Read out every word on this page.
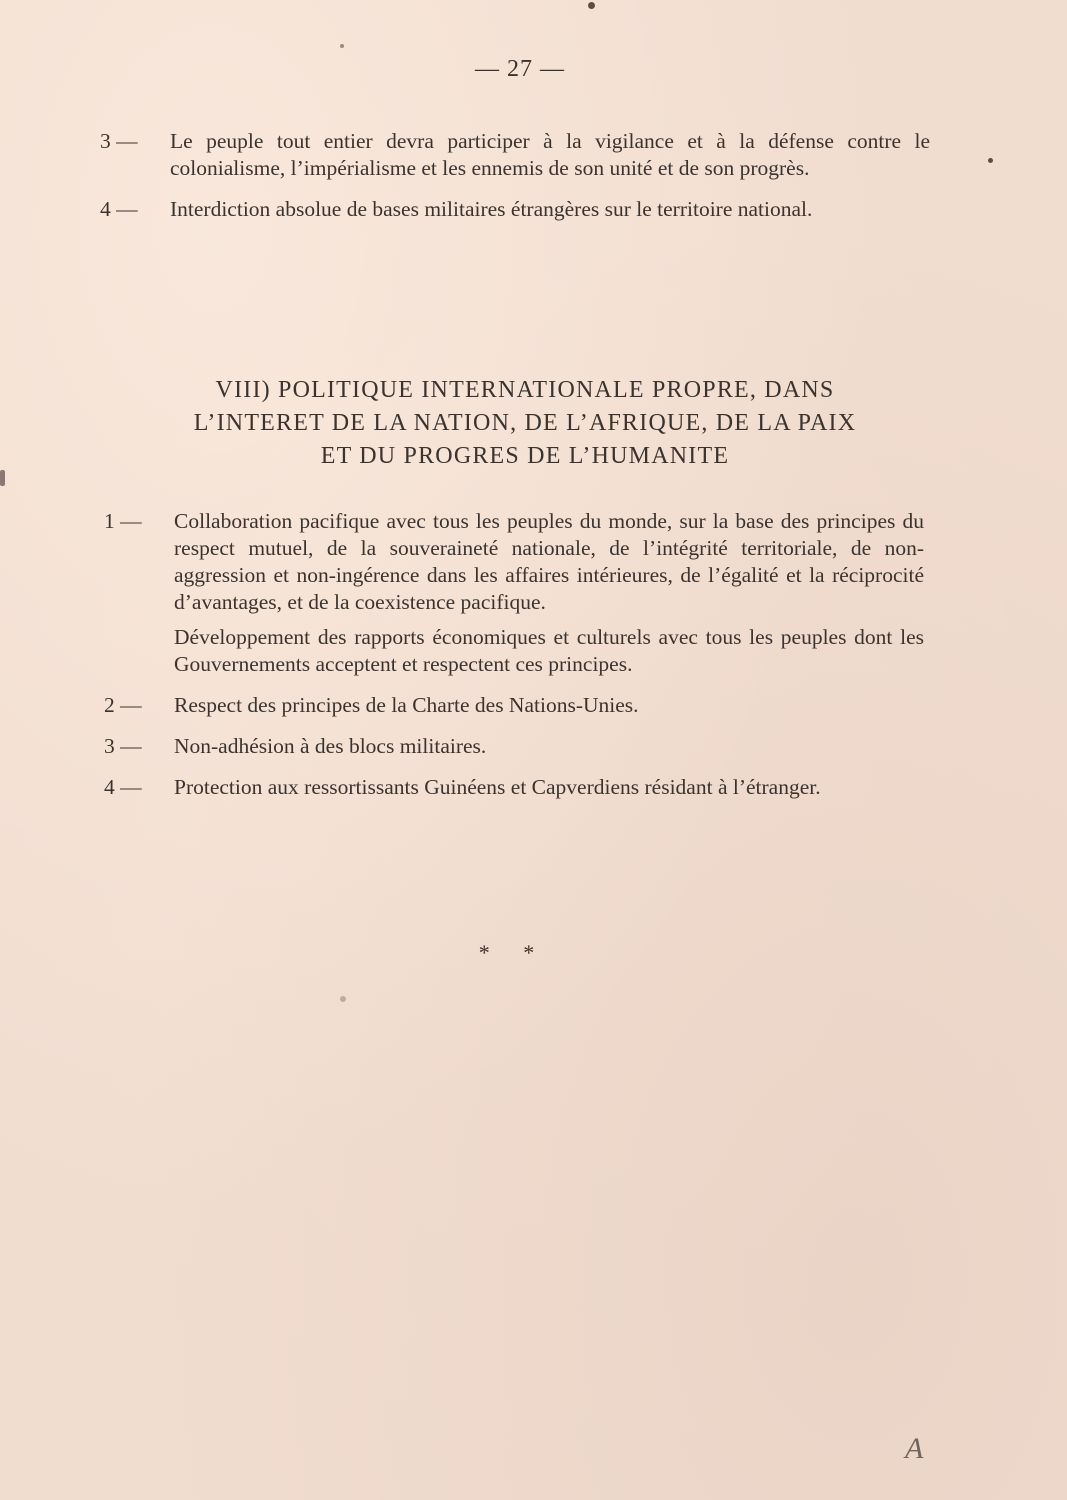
— 27 —
3 —	Le peuple tout entier devra participer à la vigilance et à la défense contre le colonialisme, l’impérialisme et les ennemis de son unité et de son progrès.

4 —	Interdiction absolue de bases militaires étrangères sur le territoire national.

VIII) POLITIQUE INTERNATIONALE PROPRE, DANS
L’INTERET DE LA NATION, DE L’AFRIQUE, DE LA PAIX
ET DU PROGRES DE L’HUMANITE
1 —	Collaboration pacifique avec tous les peuples du monde, sur la base des principes du respect mutuel, de la souveraineté nationale, de l’intégrité territoriale, de non-aggression et non-ingérence dans les affaires intérieures, de l’égalité et la réciprocité d’avantages, et de la coexistence pacifique.

Développement des rapports économiques et culturels avec tous les peuples dont les Gouvernements acceptent et respectent ces principes.

2 —	Respect des principes de la Charte des Nations-Unies.

3 —	Non-adhésion à des blocs militaires.

4 —	Protection aux ressortissants Guinéens et Capverdiens résidant à l’étranger.

* *
A
